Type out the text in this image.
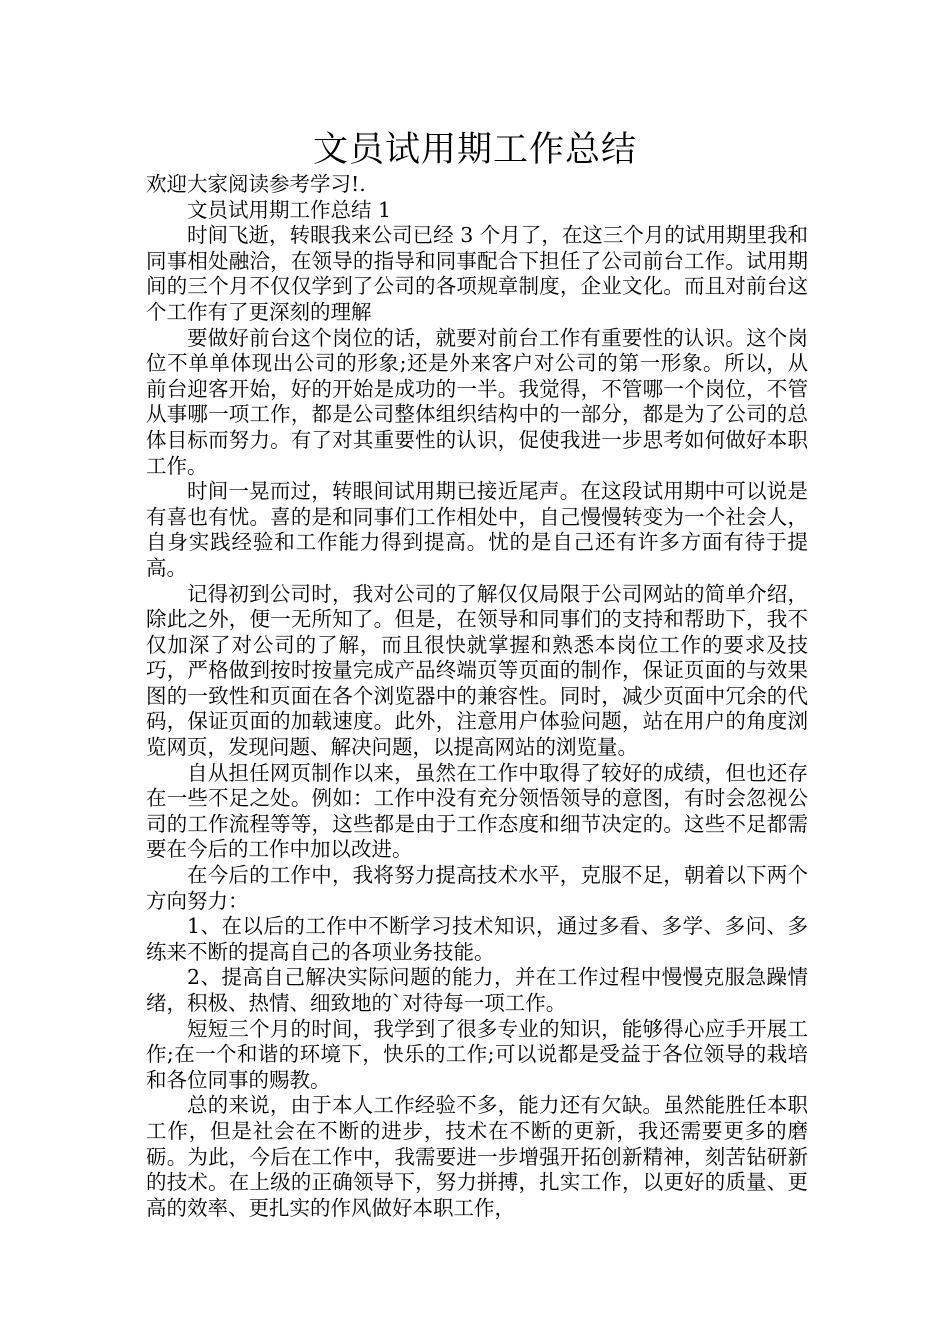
文员试用期工作总结

欢迎大家阅读参考学习!.

文员试用期工作总结 1

时间飞逝，转眼我来公司已经 3 个月了，在这三个月的试用期里我和同事相处融洽，在领导的指导和同事配合下担任了公司前台工作。试用期间的三个月不仅仅学到了公司的各项规章制度，企业文化。而且对前台这个工作有了更深刻的理解

要做好前台这个岗位的话，就要对前台工作有重要性的认识。这个岗位不单单体现出公司的形象;还是外来客户对公司的第一形象。所以，从前台迎客开始，好的开始是成功的一半。我觉得，不管哪一个岗位，不管从事哪一项工作，都是公司整体组织结构中的一部分，都是为了公司的总体目标而努力。有了对其重要性的认识，促使我进一步思考如何做好本职工作。

时间一晃而过，转眼间试用期已接近尾声。在这段试用期中可以说是有喜也有忧。喜的是和同事们工作相处中，自己慢慢转变为一个社会人，自身实践经验和工作能力得到提高。忧的是自己还有许多方面有待于提高。

记得初到公司时，我对公司的了解仅仅局限于公司网站的简单介绍，除此之外，便一无所知了。但是，在领导和同事们的支持和帮助下，我不仅加深了对公司的了解，而且很快就掌握和熟悉本岗位工作的要求及技巧，严格做到按时按量完成产品终端页等页面的制作，保证页面的与效果图的一致性和页面在各个浏览器中的兼容性。同时，减少页面中冗余的代码，保证页面的加载速度。此外，注意用户体验问题，站在用户的角度浏览网页，发现问题、解决问题，以提高网站的浏览量。

自从担任网页制作以来，虽然在工作中取得了较好的成绩，但也还存在一些不足之处。例如：工作中没有充分领悟领导的意图，有时会忽视公司的工作流程等等，这些都是由于工作态度和细节决定的。这些不足都需要在今后的工作中加以改进。

在今后的工作中，我将努力提高技术水平，克服不足，朝着以下两个方向努力：

1、在以后的工作中不断学习技术知识，通过多看、多学、多问、多练来不断的提高自己的各项业务技能。

2、提高自己解决实际问题的能力，并在工作过程中慢慢克服急躁情绪，积极、热情、细致地的`对待每一项工作。

短短三个月的时间，我学到了很多专业的知识，能够得心应手开展工作;在一个和谐的环境下，快乐的工作;可以说都是受益于各位领导的栽培和各位同事的赐教。

总的来说，由于本人工作经验不多，能力还有欠缺。虽然能胜任本职工作，但是社会在不断的进步，技术在不断的更新，我还需要更多的磨砺。为此，今后在工作中，我需要进一步增强开拓创新精神，刻苦钻研新的技术。在上级的正确领导下，努力拼搏，扎实工作，以更好的质量、更高的效率、更扎实的作风做好本职工作，
